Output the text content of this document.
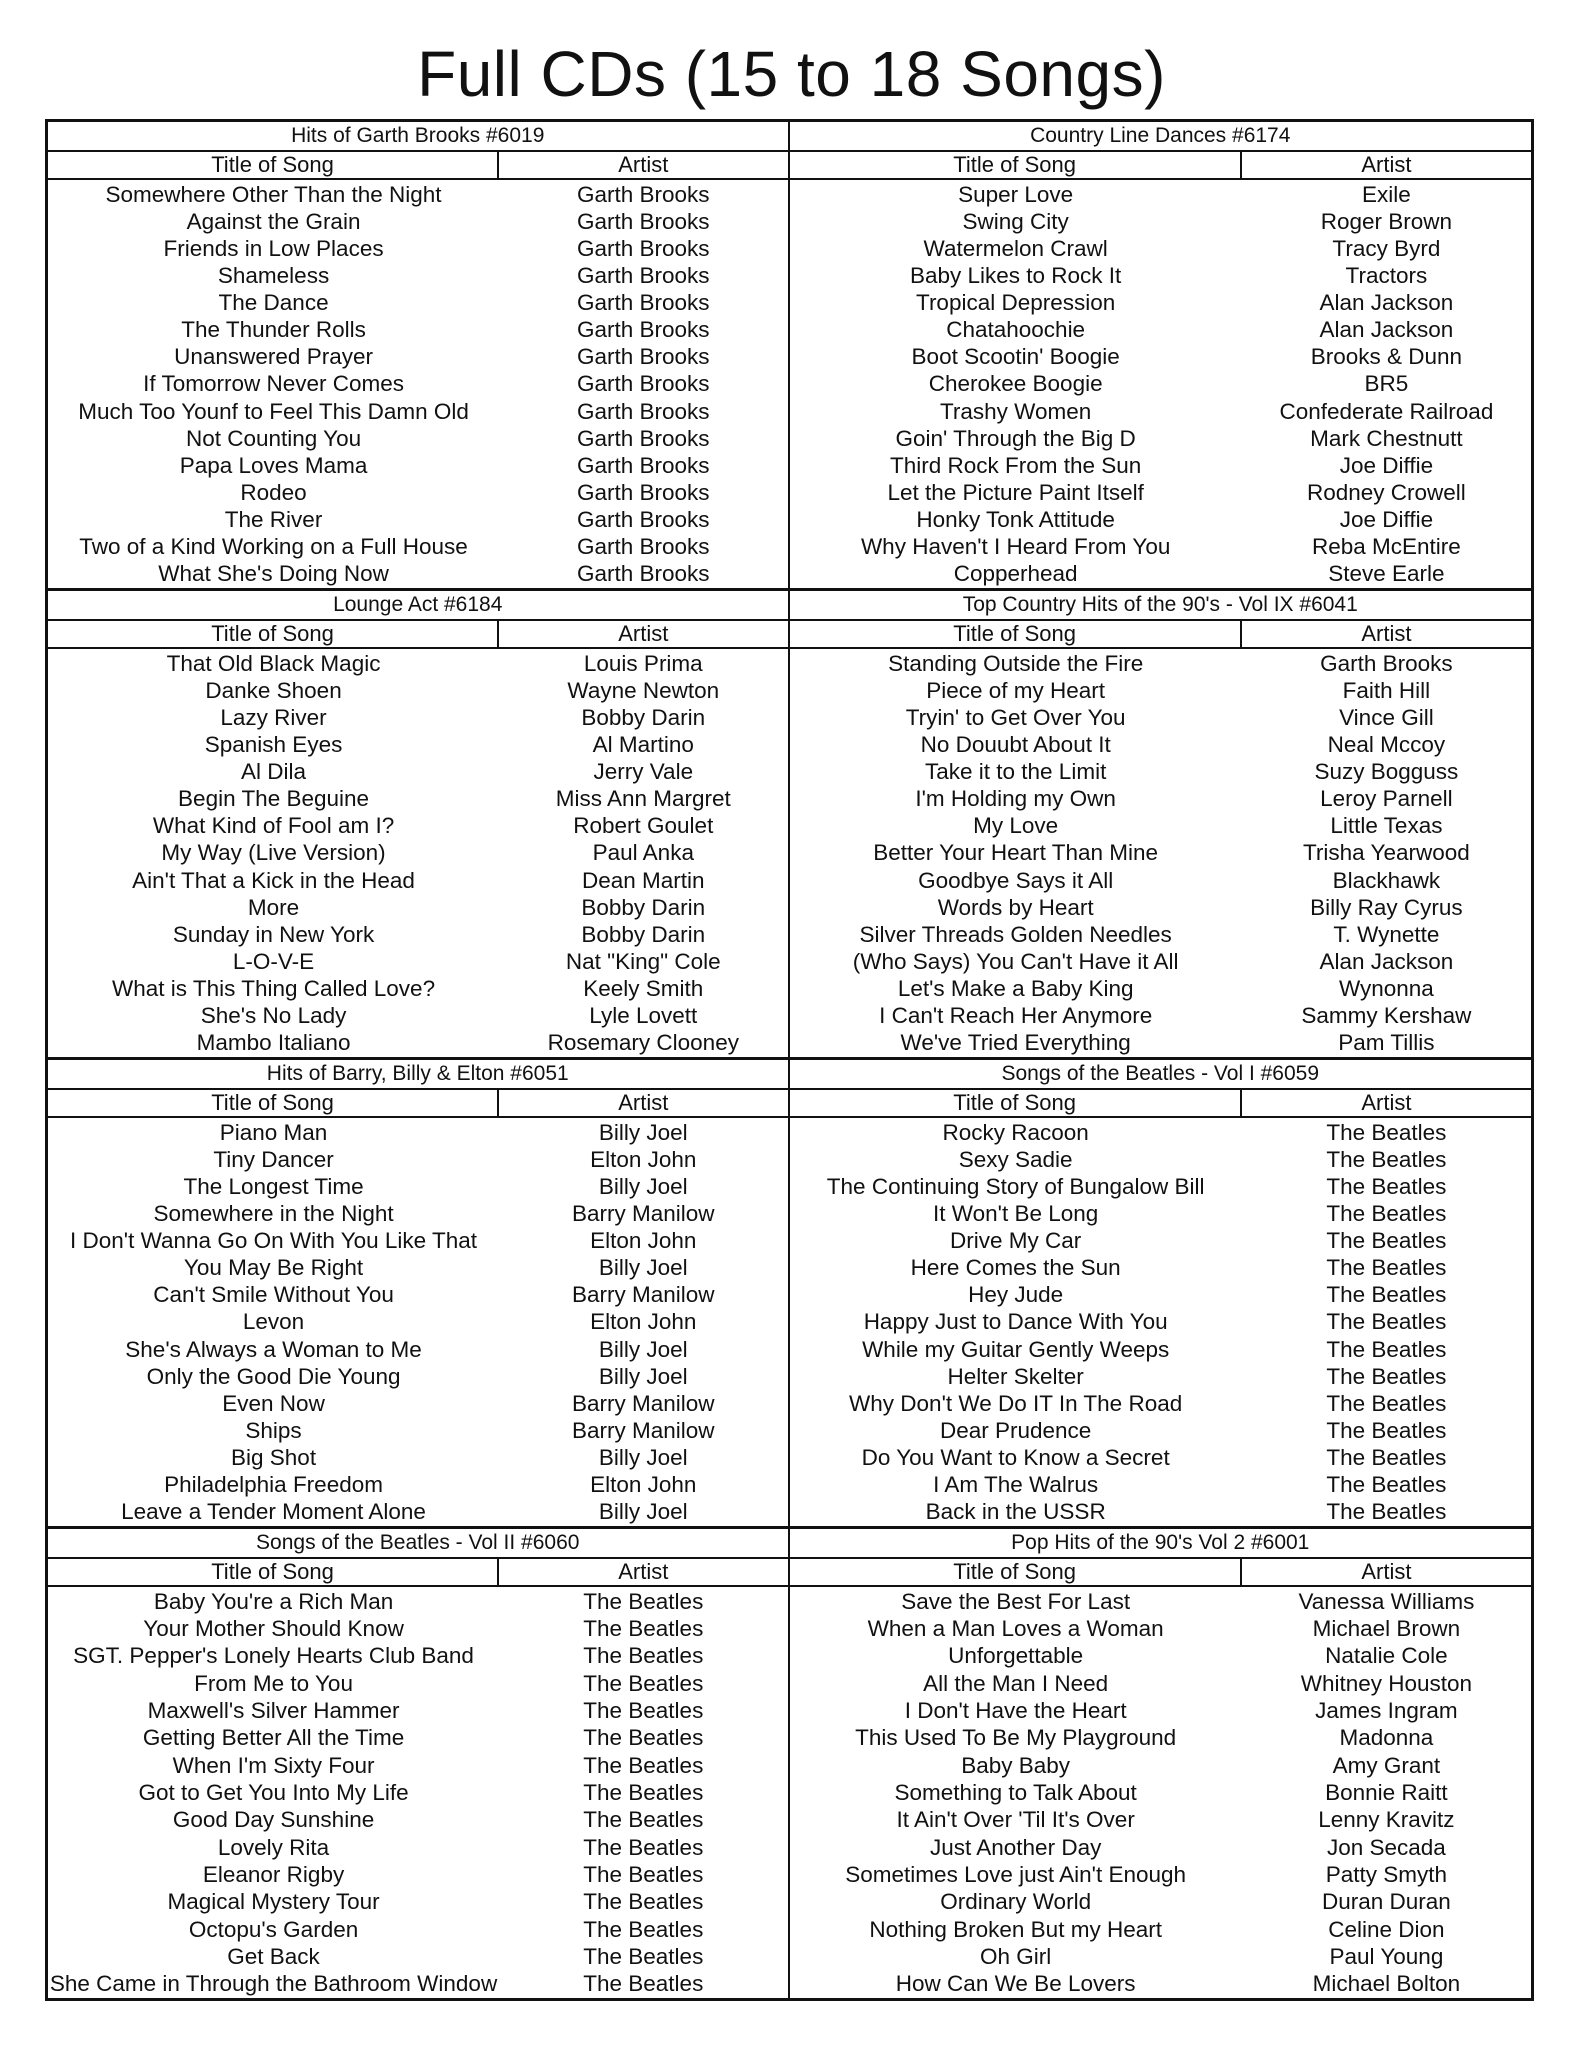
Full CDs (15 to 18 Songs)
Hits of Garth Brooks #6019
Title of Song	Artist
Somewhere Other Than the Night	Garth Brooks
Against the Grain	Garth Brooks
Friends in Low Places	Garth Brooks
Shameless	Garth Brooks
The Dance	Garth Brooks
The Thunder Rolls	Garth Brooks
Unanswered Prayer	Garth Brooks
If Tomorrow Never Comes	Garth Brooks
Much Too Younf to Feel This Damn Old	Garth Brooks
Not Counting You	Garth Brooks
Papa Loves Mama	Garth Brooks
Rodeo	Garth Brooks
The River	Garth Brooks
Two of a Kind Working on a Full House	Garth Brooks
What She's Doing Now	Garth Brooks
Country Line Dances #6174
Title of Song	Artist
Super Love	Exile
Swing City	Roger Brown
Watermelon Crawl	Tracy Byrd
Baby Likes to Rock It	Tractors
Tropical Depression	Alan Jackson
Chatahoochie	Alan Jackson
Boot Scootin' Boogie	Brooks & Dunn
Cherokee Boogie	BR5
Trashy Women	Confederate Railroad
Goin' Through the Big D	Mark Chestnutt
Third Rock From the Sun	Joe Diffie
Let the Picture Paint Itself	Rodney Crowell
Honky Tonk Attitude	Joe Diffie
Why Haven't I Heard From You	Reba McEntire
Copperhead	Steve Earle
Lounge Act #6184
Title of Song	Artist
That Old Black Magic	Louis Prima
Danke Shoen	Wayne Newton
Lazy River	Bobby Darin
Spanish Eyes	Al Martino
Al Dila	Jerry Vale
Begin The Beguine	Miss Ann Margret
What Kind of Fool am I?	Robert Goulet
My Way (Live Version)	Paul Anka
Ain't That a Kick in the Head	Dean Martin
More	Bobby Darin
Sunday in New York	Bobby Darin
L-O-V-E	Nat "King" Cole
What is This Thing Called Love?	Keely Smith
She's No Lady	Lyle Lovett
Mambo Italiano	Rosemary Clooney
Top Country Hits of the 90's - Vol IX #6041
Title of Song	Artist
Standing Outside the Fire	Garth Brooks
Piece of my Heart	Faith Hill
Tryin' to Get Over You	Vince Gill
No Douubt About It	Neal Mccoy
Take it to the Limit	Suzy Bogguss
I'm Holding my Own	Leroy Parnell
My Love	Little Texas
Better Your Heart Than Mine	Trisha Yearwood
Goodbye Says it All	Blackhawk
Words by Heart	Billy Ray Cyrus
Silver Threads Golden Needles	T. Wynette
(Who Says) You Can't Have it All	Alan Jackson
Let's Make a Baby King	Wynonna
I Can't Reach Her Anymore	Sammy Kershaw
We've Tried Everything	Pam Tillis
Hits of Barry, Billy & Elton #6051
Title of Song	Artist
Piano Man	Billy Joel
Tiny Dancer	Elton John
The Longest Time	Billy Joel
Somewhere in the Night	Barry Manilow
I Don't Wanna Go On With You Like That	Elton John
You May Be Right	Billy Joel
Can't Smile Without You	Barry Manilow
Levon	Elton John
She's Always a Woman to Me	Billy Joel
Only the Good Die Young	Billy Joel
Even Now	Barry Manilow
Ships	Barry Manilow
Big Shot	Billy Joel
Philadelphia Freedom	Elton John
Leave a Tender Moment Alone	Billy Joel
Songs of the Beatles - Vol I #6059
Title of Song	Artist
Rocky Racoon	The Beatles
Sexy Sadie	The Beatles
The Continuing Story of Bungalow Bill	The Beatles
It Won't Be Long	The Beatles
Drive My Car	The Beatles
Here Comes the Sun	The Beatles
Hey Jude	The Beatles
Happy Just to Dance With You	The Beatles
While my Guitar Gently Weeps	The Beatles
Helter Skelter	The Beatles
Why Don't We Do IT In The Road	The Beatles
Dear Prudence	The Beatles
Do You Want to Know a Secret	The Beatles
I Am The Walrus	The Beatles
Back in the USSR	The Beatles
Songs of the Beatles - Vol II #6060
Title of Song	Artist
Baby You're a Rich Man	The Beatles
Your Mother Should Know	The Beatles
SGT. Pepper's Lonely Hearts Club Band	The Beatles
From Me to You	The Beatles
Maxwell's Silver Hammer	The Beatles
Getting Better All the Time	The Beatles
When I'm Sixty Four	The Beatles
Got to Get You Into My Life	The Beatles
Good Day Sunshine	The Beatles
Lovely Rita	The Beatles
Eleanor Rigby	The Beatles
Magical Mystery Tour	The Beatles
Octopu's Garden	The Beatles
Get Back	The Beatles
She Came in Through the Bathroom Window	The Beatles
Pop Hits of the 90's Vol 2 #6001
Title of Song	Artist
Save the Best For Last	Vanessa Williams
When a Man Loves a Woman	Michael Brown
Unforgettable	Natalie Cole
All the Man I Need	Whitney Houston
I Don't Have the Heart	James Ingram
This Used To Be My Playground	Madonna
Baby Baby	Amy Grant
Something to Talk About	Bonnie Raitt
It Ain't Over 'Til It's Over	Lenny Kravitz
Just Another Day	Jon Secada
Sometimes Love just Ain't Enough	Patty Smyth
Ordinary World	Duran Duran
Nothing Broken But my Heart	Celine Dion
Oh Girl	Paul Young
How Can We Be Lovers	Michael Bolton
